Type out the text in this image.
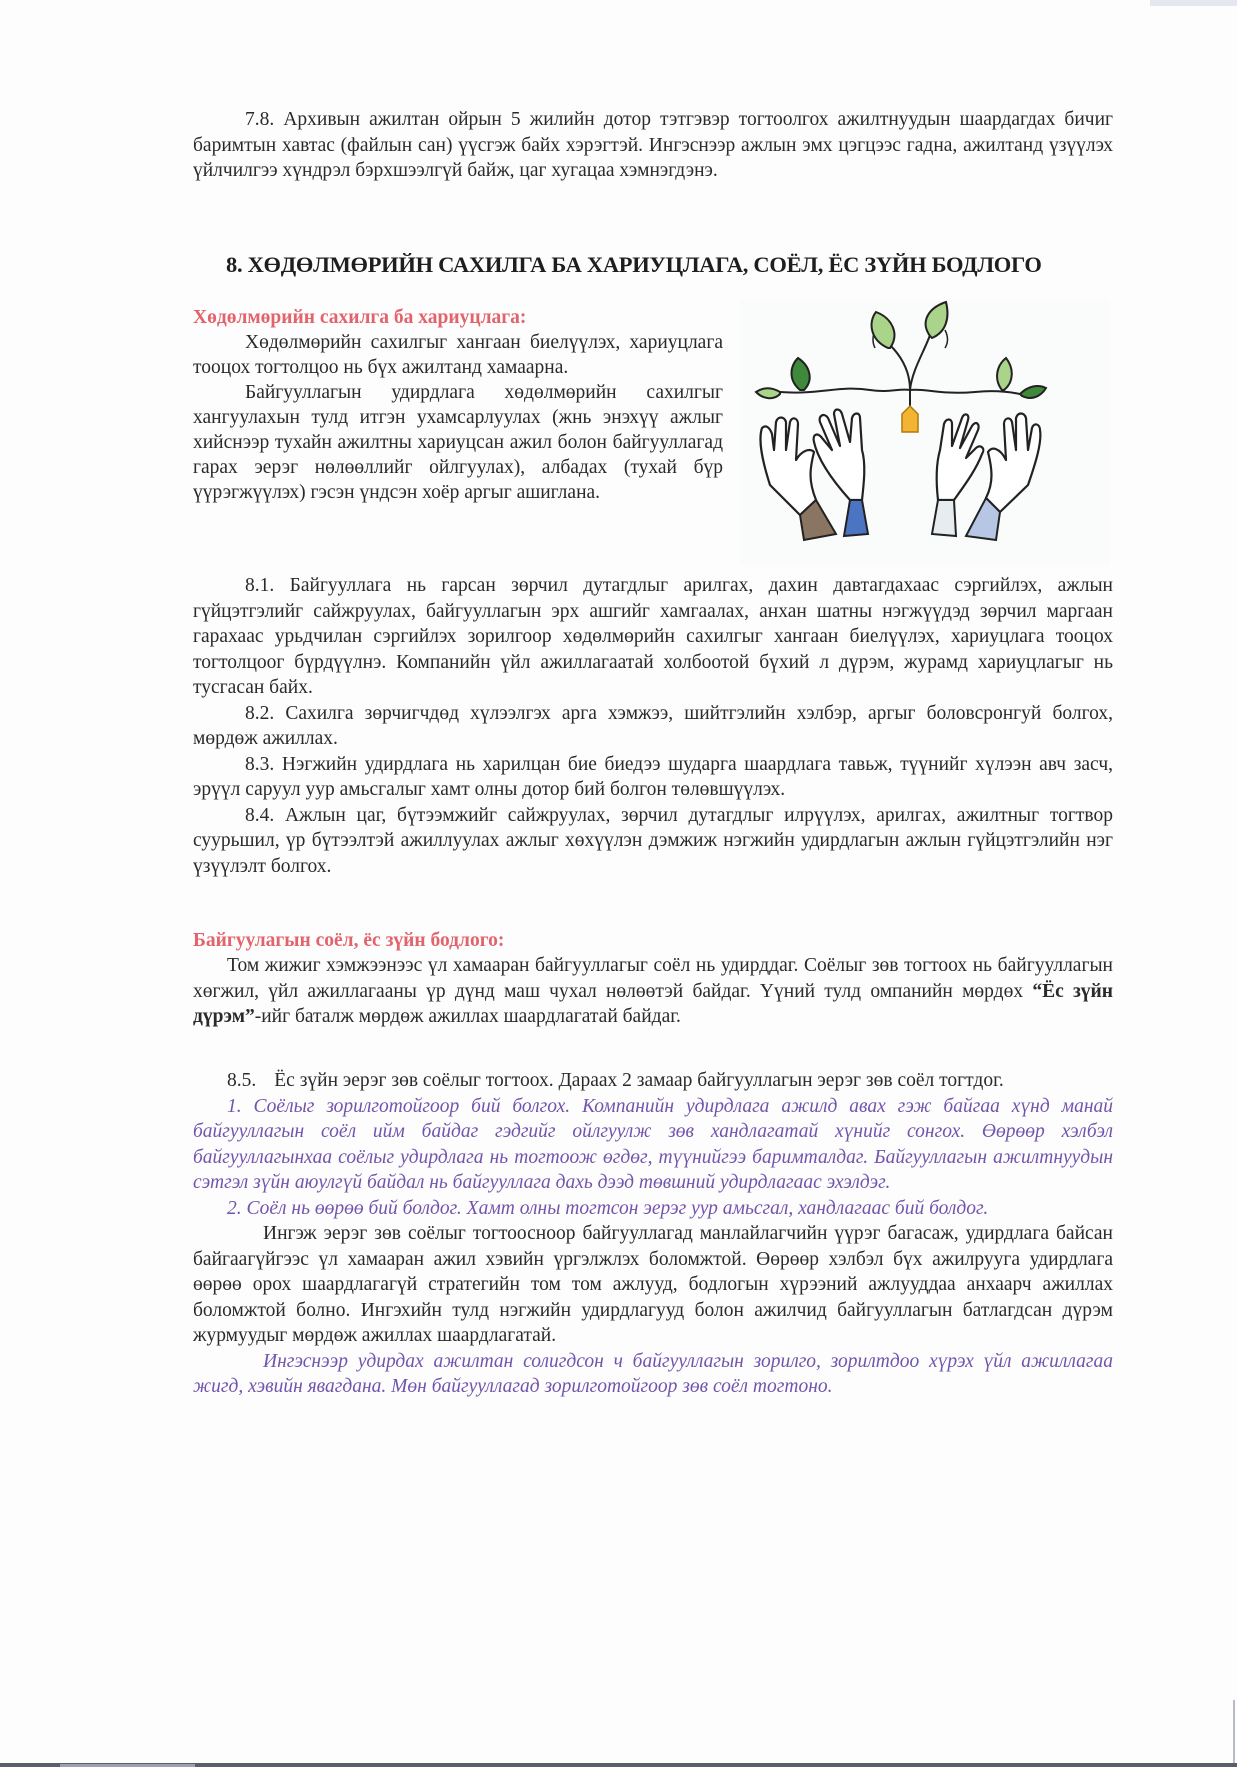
7.8. Архивын ажилтан ойрын 5 жилийн дотор тэтгэвэр тогтоолгох ажилтнуудын шаардагдах бичиг баримтын хавтас (файлын сан) үүсгэж байх хэрэгтэй. Ингэснээр ажлын эмх цэгцээс гадна, ажилтанд үзүүлэх үйлчилгээ хүндрэл бэрхшээлгүй байж, цаг хугацаа хэмнэгдэнэ.

8. ХӨДӨЛМӨРИЙН САХИЛГА БА ХАРИУЦЛАГА, СОЁЛ, ЁС ЗҮЙН БОДЛОГО
Хөдөлмөрийн сахилга ба хариуцлага:

Хөдөлмөрийн сахилгыг хангаан биелүүлэх, хариуцлага тооцох тогтолцоо нь бүх ажилтанд хамаарна.

Байгууллагын удирдлага хөдөлмөрийн сахилгыг хангуулахын тулд итгэн ухамсарлуулах (жнь энэхүү ажлыг хийснээр тухайн ажилтны хариуцсан ажил болон байгууллагад гарах эерэг нөлөөллийг ойлгуулах), албадах (тухай бүр үүрэгжүүлэх) гэсэн үндсэн хоёр аргыг ашиглана.

8.1. Байгууллага нь гарсан зөрчил дутагдлыг арилгах, дахин давтагдахаас сэргийлэх, ажлын гүйцэтгэлийг сайжруулах, байгууллагын эрх ашгийг хамгаалах, анхан шатны нэгжүүдэд зөрчил маргаан гарахаас урьдчилан сэргийлэх зорилгоор хөдөлмөрийн сахилгыг хангаан биелүүлэх, хариуцлага тооцох тогтолцоог бүрдүүлнэ. Компанийн үйл ажиллагаатай холбоотой бүхий л дүрэм, журамд хариуцлагыг нь тусгасан байх.

8.2. Сахилга зөрчигчдөд хүлээлгэх арга хэмжээ, шийтгэлийн хэлбэр, аргыг боловсронгуй болгох, мөрдөж ажиллах.

8.3. Нэгжийн удирдлага нь харилцан бие биедээ шударга шаардлага тавьж, түүнийг хүлээн авч засч, эрүүл саруул уур амьсгалыг хамт олны дотор бий болгон төлөвшүүлэх.

8.4. Ажлын цаг, бүтээмжийг сайжруулах, зөрчил дутагдлыг илрүүлэх, арилгах, ажилтныг тогтвор суурьшил, үр бүтээлтэй ажиллуулах ажлыг хөхүүлэн дэмжиж нэгжийн удирдлагын ажлын гүйцэтгэлийн нэг үзүүлэлт болгох.

Байгуулагын соёл, ёс зүйн бодлого:

Том жижиг хэмжээнээс үл хамааран байгууллагыг соёл нь удирддаг. Соёлыг зөв тогтоох нь байгууллагын хөгжил, үйл ажиллагааны үр дүнд маш чухал нөлөөтэй байдаг. Үүний тулд омпанийн мөрдөх “Ёс зүйн дүрэм”-ийг баталж мөрдөж ажиллах шаардлагатай байдаг.

8.5. Ёс зүйн эерэг зөв соёлыг тогтоох. Дараах 2 замаар байгууллагын эерэг зөв соёл тогтдог.

1. Соёлыг зорилготойгоор бий болгох. Компанийн удирдлага ажилд авах гэж байгаа хүнд манай байгууллагын соёл ийм байдаг гэдгийг ойлгуулж зөв хандлагатай хүнийг сонгох. Өөрөөр хэлбэл байгууллагынхаа соёлыг удирдлага нь тогтоож өгдөг, түүнийгээ баримталдаг. Байгууллагын ажилтнуудын сэтгэл зүйн аюулгүй байдал нь байгууллага дахь дээд төвшний удирдлагаас эхэлдэг.

2. Соёл нь өөрөө бий болдог. Хамт олны тогтсон эерэг уур амьсгал, хандлагаас бий болдог.

Ингэж эерэг зөв соёлыг тогтоосноор байгууллагад манлайлагчийн үүрэг багасаж, удирдлага байсан байгаагүйгээс үл хамааран ажил хэвийн үргэлжлэх боломжтой. Өөрөөр хэлбэл бүх ажилрууга удирдлага өөрөө орох шаардлагагүй стратегийн том том ажлууд, бодлогын хүрээний ажлууддаа анхаарч ажиллах боломжтой болно. Ингэхийн тулд нэгжийн удирдлагууд болон ажилчид байгууллагын батлагдсан дүрэм журмуудыг мөрдөж ажиллах шаардлагатай.

Ингэснээр удирдах ажилтан солигдсон ч байгууллагын зорилго, зорилтдоо хүрэх үйл ажиллагаа жигд, хэвийн явагдана. Мөн байгууллагад зорилготойгоор зөв соёл тогтоно.
